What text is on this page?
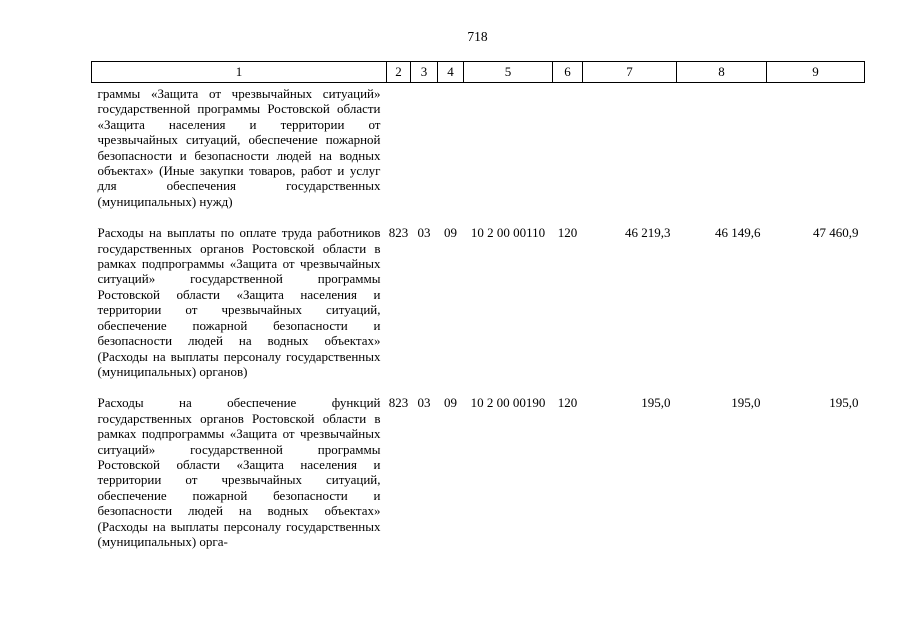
718
1	2	3	4	5	6	7	8	9
граммы «Защита от чрезвычайных ситуаций» государственной программы Ростовской области «Защита населения и территории от чрезвычайных ситуаций, обеспечение пожарной безопасности и безопасности людей на водных объектах» (Иные закупки товаров, работ и услуг для обеспечения государственных (муниципальных) нужд)								
Расходы на выплаты по оплате труда работников государственных органов Ростовской области в рамках подпрограммы «Защита от чрезвычайных ситуаций» государственной программы Ростовской области «Защита населения и территории от чрезвычайных ситуаций, обеспечение пожарной безопасности и безопасности людей на водных объектах» (Расходы на выплаты персоналу государственных (муниципальных) органов)	823	03	09	10 2 00 00110	120	46 219,3	46 149,6	47 460,9
Расходы на обеспечение функций государственных органов Ростовской области в рамках подпрограммы «Защита от чрезвычайных ситуаций» государственной программы Ростовской области «Защита населения и территории от чрезвычайных ситуаций, обеспечение пожарной безопасности и безопасности людей на водных объектах» (Расходы на выплаты персоналу государственных (муниципальных) орга-	823	03	09	10 2 00 00190	120	195,0	195,0	195,0
